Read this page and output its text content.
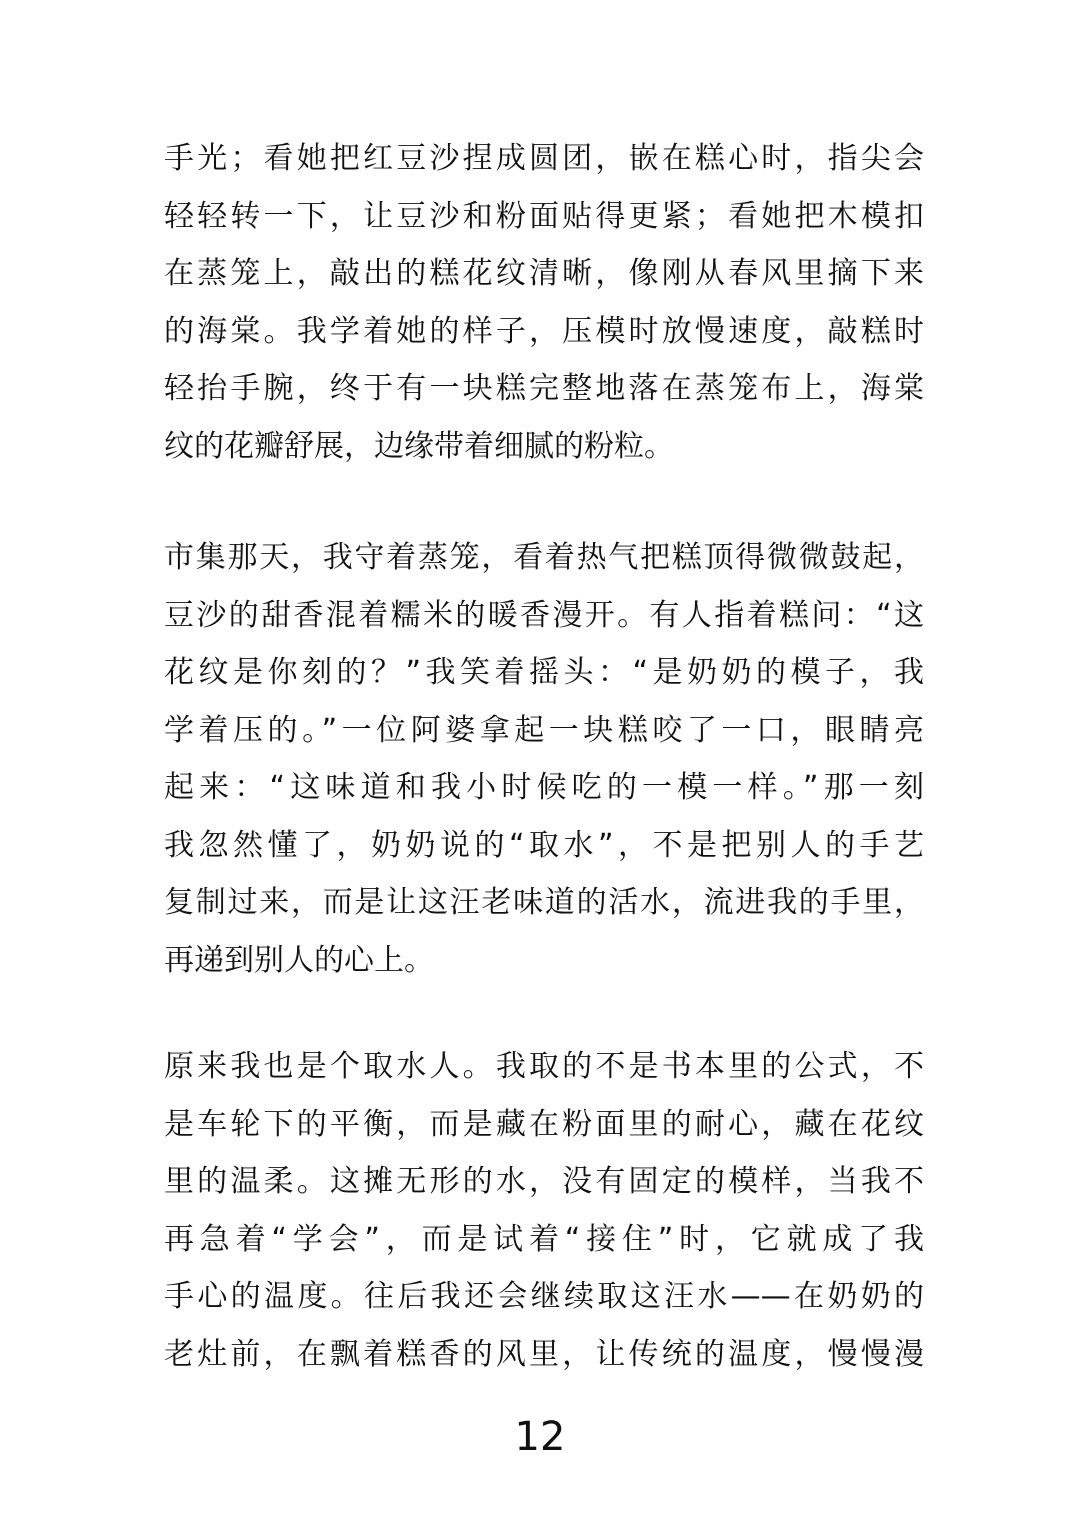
手光；看她把红豆沙捏成圆团，嵌在糕心时，指尖会
轻轻转一下，让豆沙和粉面贴得更紧；看她把木模扣
在蒸笼上，敲出的糕花纹清晰，像刚从春风里摘下来
的海棠。我学着她的样子，压模时放慢速度，敲糕时
轻抬手腕，终于有一块糕完整地落在蒸笼布上，海棠
纹的花瓣舒展，边缘带着细腻的粉粒。
市集那天，我守着蒸笼，看着热气把糕顶得微微鼓起，
豆沙的甜香混着糯米的暖香漫开。有人指着糕问：“这
花纹是你刻的？”我笑着摇头：“是奶奶的模子，我
学着压的。”一位阿婆拿起一块糕咬了一口，眼睛亮
起来：“这味道和我小时候吃的一模一样。”那一刻
我忽然懂了，奶奶说的“取水”，不是把别人的手艺
复制过来，而是让这汪老味道的活水，流进我的手里，
再递到别人的心上。
原来我也是个取水人。我取的不是书本里的公式，不
是车轮下的平衡，而是藏在粉面里的耐心，藏在花纹
里的温柔。这摊无形的水，没有固定的模样，当我不
再急着“学会”，而是试着“接住”时，它就成了我
手心的温度。往后我还会继续取这汪水——在奶奶的
老灶前，在飘着糕香的风里，让传统的温度，慢慢漫
12
